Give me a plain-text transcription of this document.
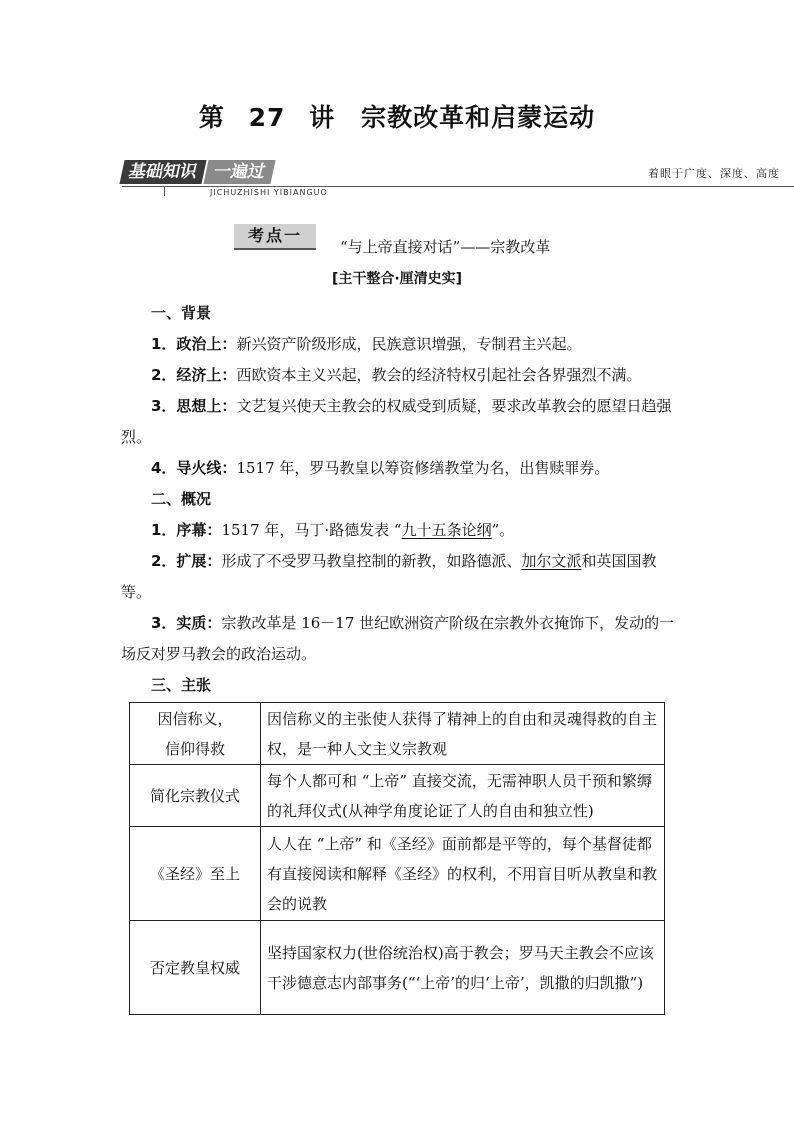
第 27 讲　宗教改革和启蒙运动
基础知识 一遍过
JICHUZHISHI YIBIANGUO
着眼于广度、深度、高度
考点一
“与上帝直接对话”——宗教改革
[主干整合·厘清史实]

一、背景

1．政治上：新兴资产阶级形成，民族意识增强，专制君主兴起。

2．经济上：西欧资本主义兴起，教会的经济特权引起社会各界强烈不满。

3．思想上：文艺复兴使天主教会的权威受到质疑，要求改革教会的愿望日趋强烈。

4．导火线：1517 年，罗马教皇以筹资修缮教堂为名，出售赎罪券。

二、概况

1．序幕：1517 年，马丁·路德发表 “九十五条论纲”。

2．扩展：形成了不受罗马教皇控制的新教，如路德派、加尔文派和英国国教等。

3．实质：宗教改革是 16－17 世纪欧洲资产阶级在宗教外衣掩饰下，发动的一场反对罗马教会的政治运动。

三、主张

因信称义，
信仰得救	因信称义的主张使人获得了精神上的自由和灵魂得救的自主权，是一种人文主义宗教观
简化宗教仪式	每个人都可和 “上帝” 直接交流，无需神职人员干预和繁缛的礼拜仪式(从神学角度论证了人的自由和独立性)
《圣经》至上	人人在 “上帝” 和《圣经》面前都是平等的，每个基督徒都有直接阅读和解释《圣经》的权利，不用盲目听从教皇和教会的说教
否定教皇权威	坚持国家权力(世俗统治权)高于教会；罗马天主教会不应该干涉德意志内部事务(“‘上帝’的归‘上帝’，凯撒的归凯撒”)
